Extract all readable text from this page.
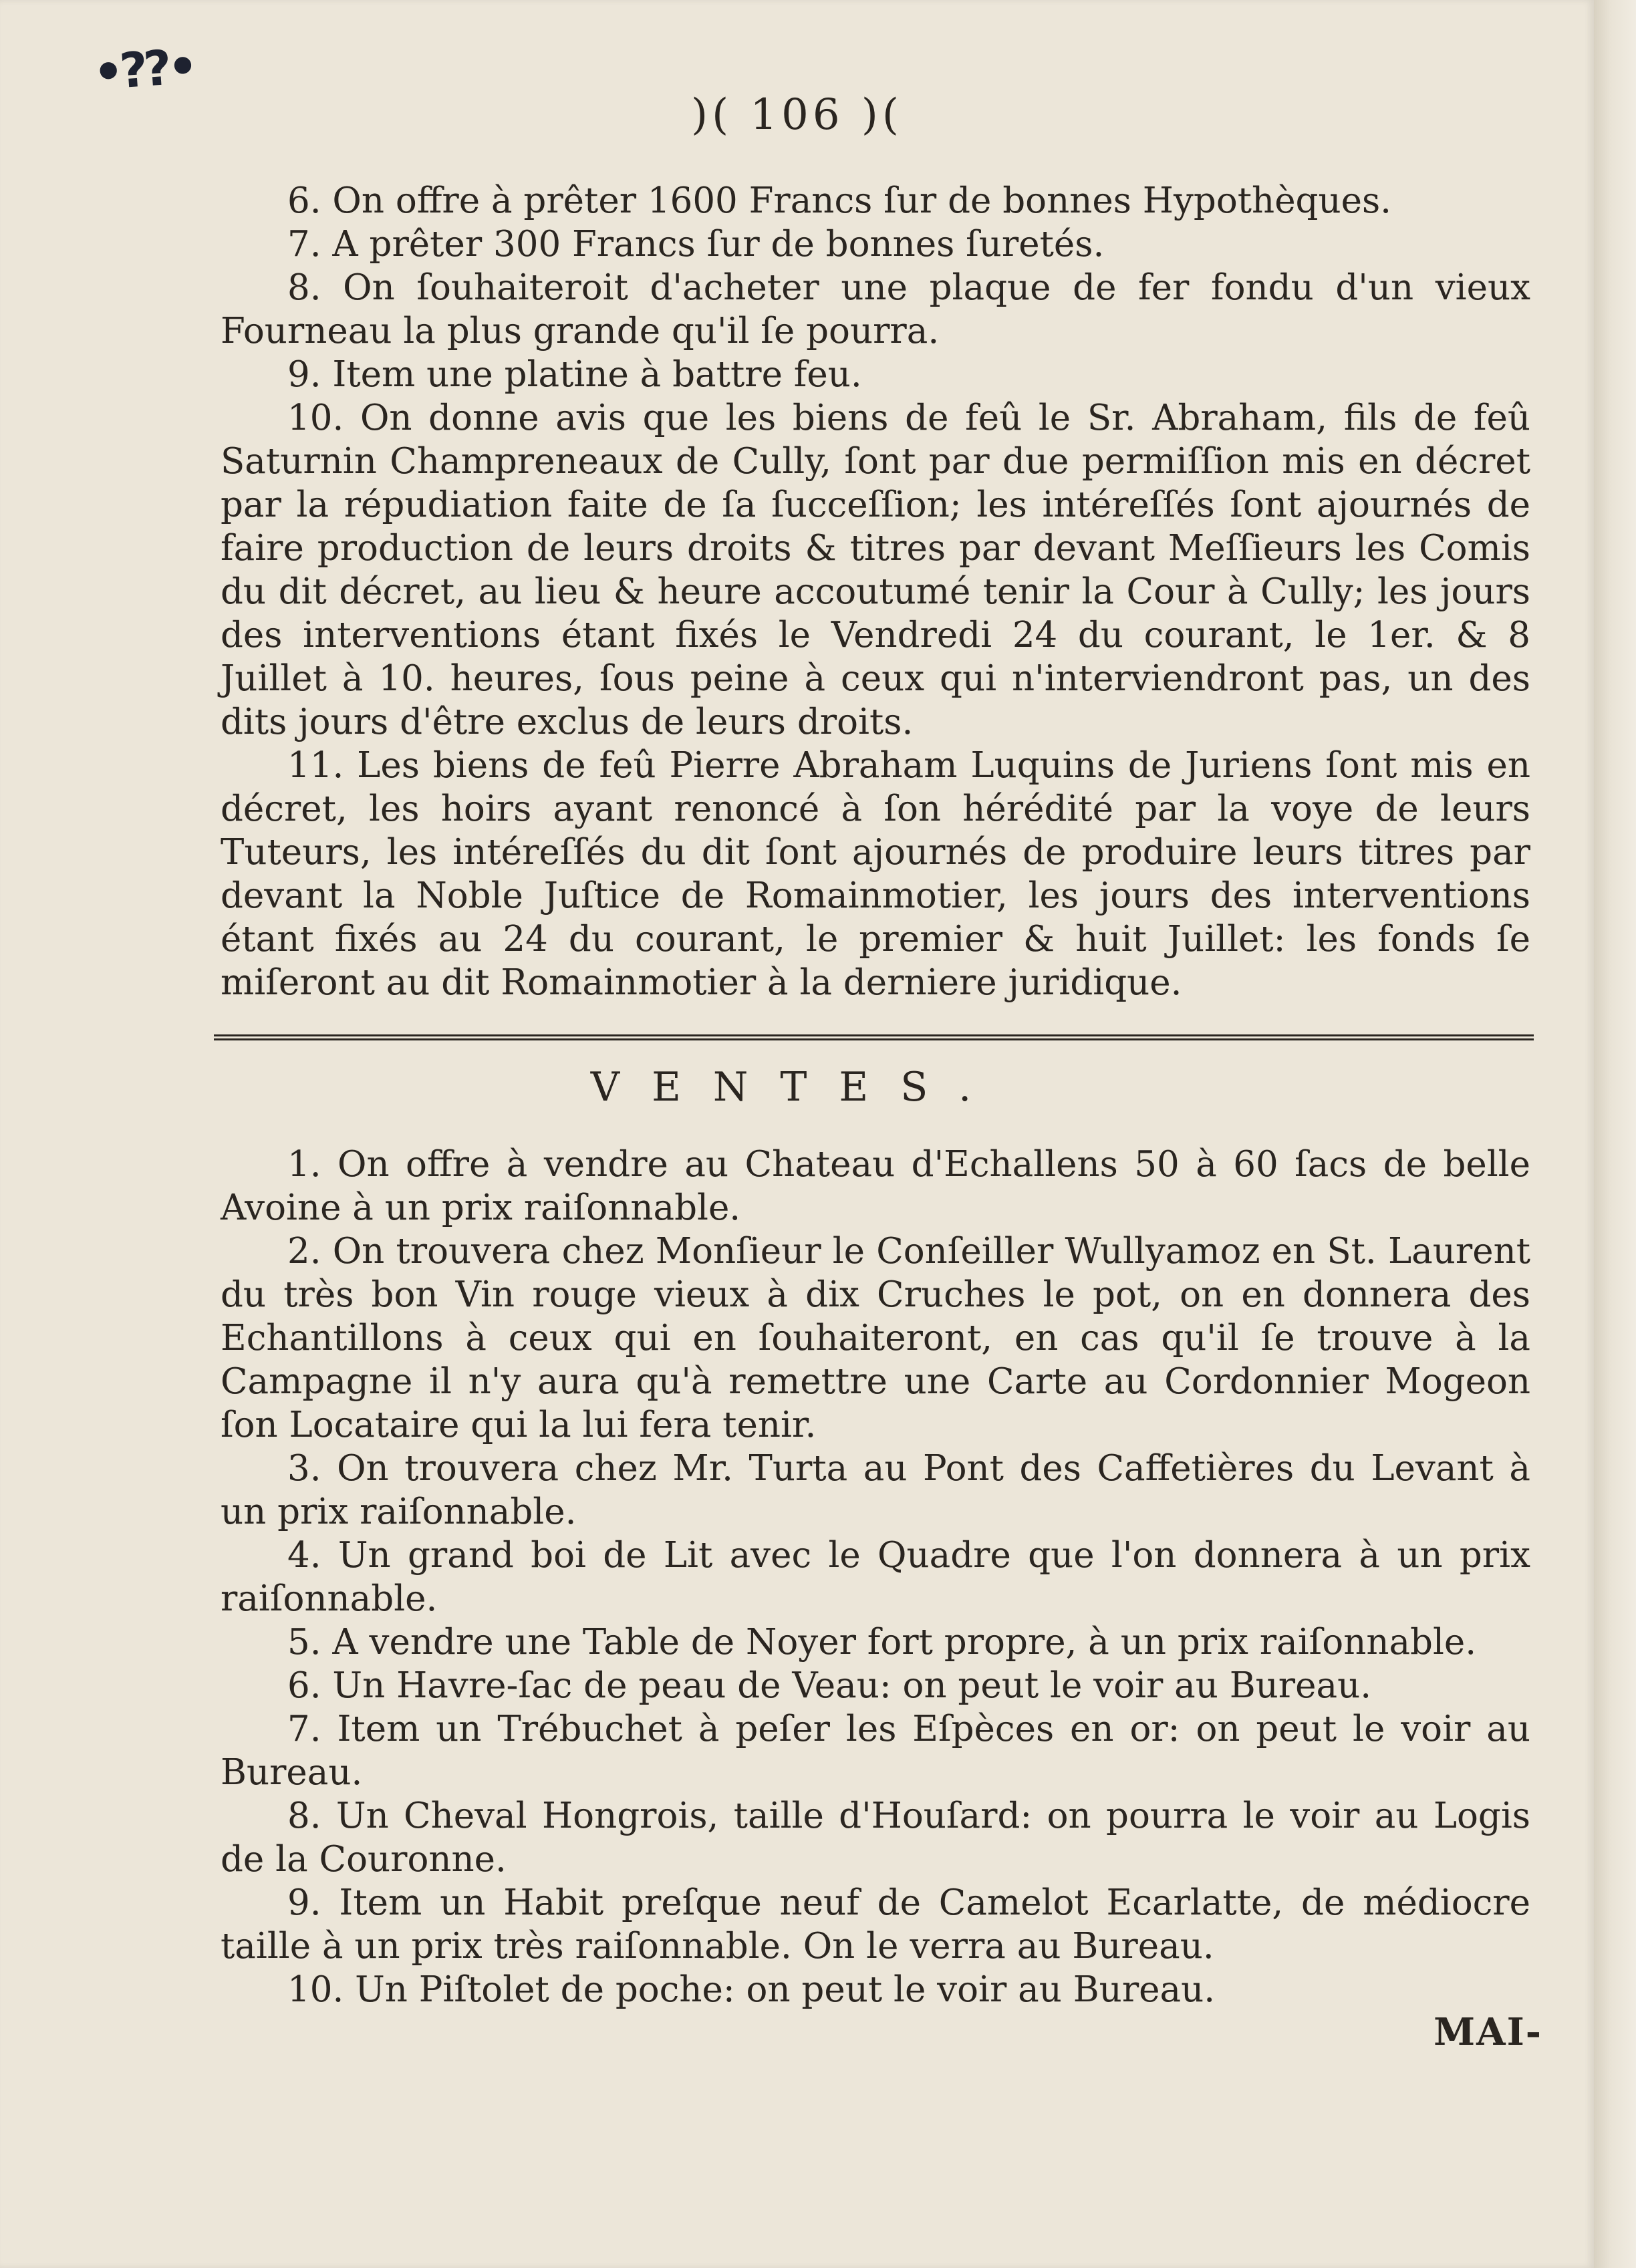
•??•
)( 106 )(

6. On offre à prêter 1600 Francs ſur de bonnes Hypothèques.

7. A prêter 300 Francs ſur de bonnes ſuretés.

8. On ſouhaiteroit d'acheter une plaque de fer fondu d'un vieux Fourneau la plus grande qu'il ſe pourra.

9. Item une platine à battre feu.

10. On donne avis que les biens de feû le Sr. Abraham, fils de feû Saturnin Champreneaux de Cully, ſont par due permiſſion mis en décret par la répudiation faite de ſa ſucceſſion; les intéreſſés ſont ajournés de faire production de leurs droits & titres par devant Meſſieurs les Comis du dit décret, au lieu & heure accoutumé tenir la Cour à Cully; les jours des interventions étant fixés le Vendredi 24 du courant, le 1er. & 8 Juillet à 10. heures, ſous peine à ceux qui n'interviendront pas, un des dits jours d'être exclus de leurs droits.

11. Les biens de feû Pierre Abraham Luquins de Juriens ſont mis en décret, les hoirs ayant renoncé à ſon hérédité par la voye de leurs Tuteurs, les intéreſſés du dit ſont ajournés de produire leurs titres par devant la Noble Juſtice de Romainmotier, les jours des interventions étant fixés au 24 du courant, le premier & huit Juillet: les fonds ſe miſeront au dit Romainmotier à la derniere juridique.

VENTES.

1. On offre à vendre au Chateau d'Echallens 50 à 60 ſacs de belle Avoine à un prix raiſonnable.

2. On trouvera chez Monſieur le Conſeiller Wullyamoz en St. Laurent du très bon Vin rouge vieux à dix Cruches le pot, on en donnera des Echantillons à ceux qui en ſouhaiteront, en cas qu'il ſe trouve à la Campagne il n'y aura qu'à remettre une Carte au Cordonnier Mogeon ſon Locataire qui la lui fera tenir.

3. On trouvera chez Mr. Turta au Pont des Caffetières du Levant à un prix raiſonnable.

4. Un grand boi de Lit avec le Quadre que l'on donnera à un prix raiſonnable.

5. A vendre une Table de Noyer fort propre, à un prix raiſonnable.

6. Un Havre-ſac de peau de Veau: on peut le voir au Bureau.

7. Item un Trébuchet à peſer les Eſpèces en or: on peut le voir au Bureau.

8. Un Cheval Hongrois, taille d'Houſard: on pourra le voir au Logis de la Couronne.

9. Item un Habit preſque neuf de Camelot Ecarlatte, de médiocre taille à un prix très raiſonnable. On le verra au Bureau.

10. Un Piſtolet de poche: on peut le voir au Bureau.

MAI-
